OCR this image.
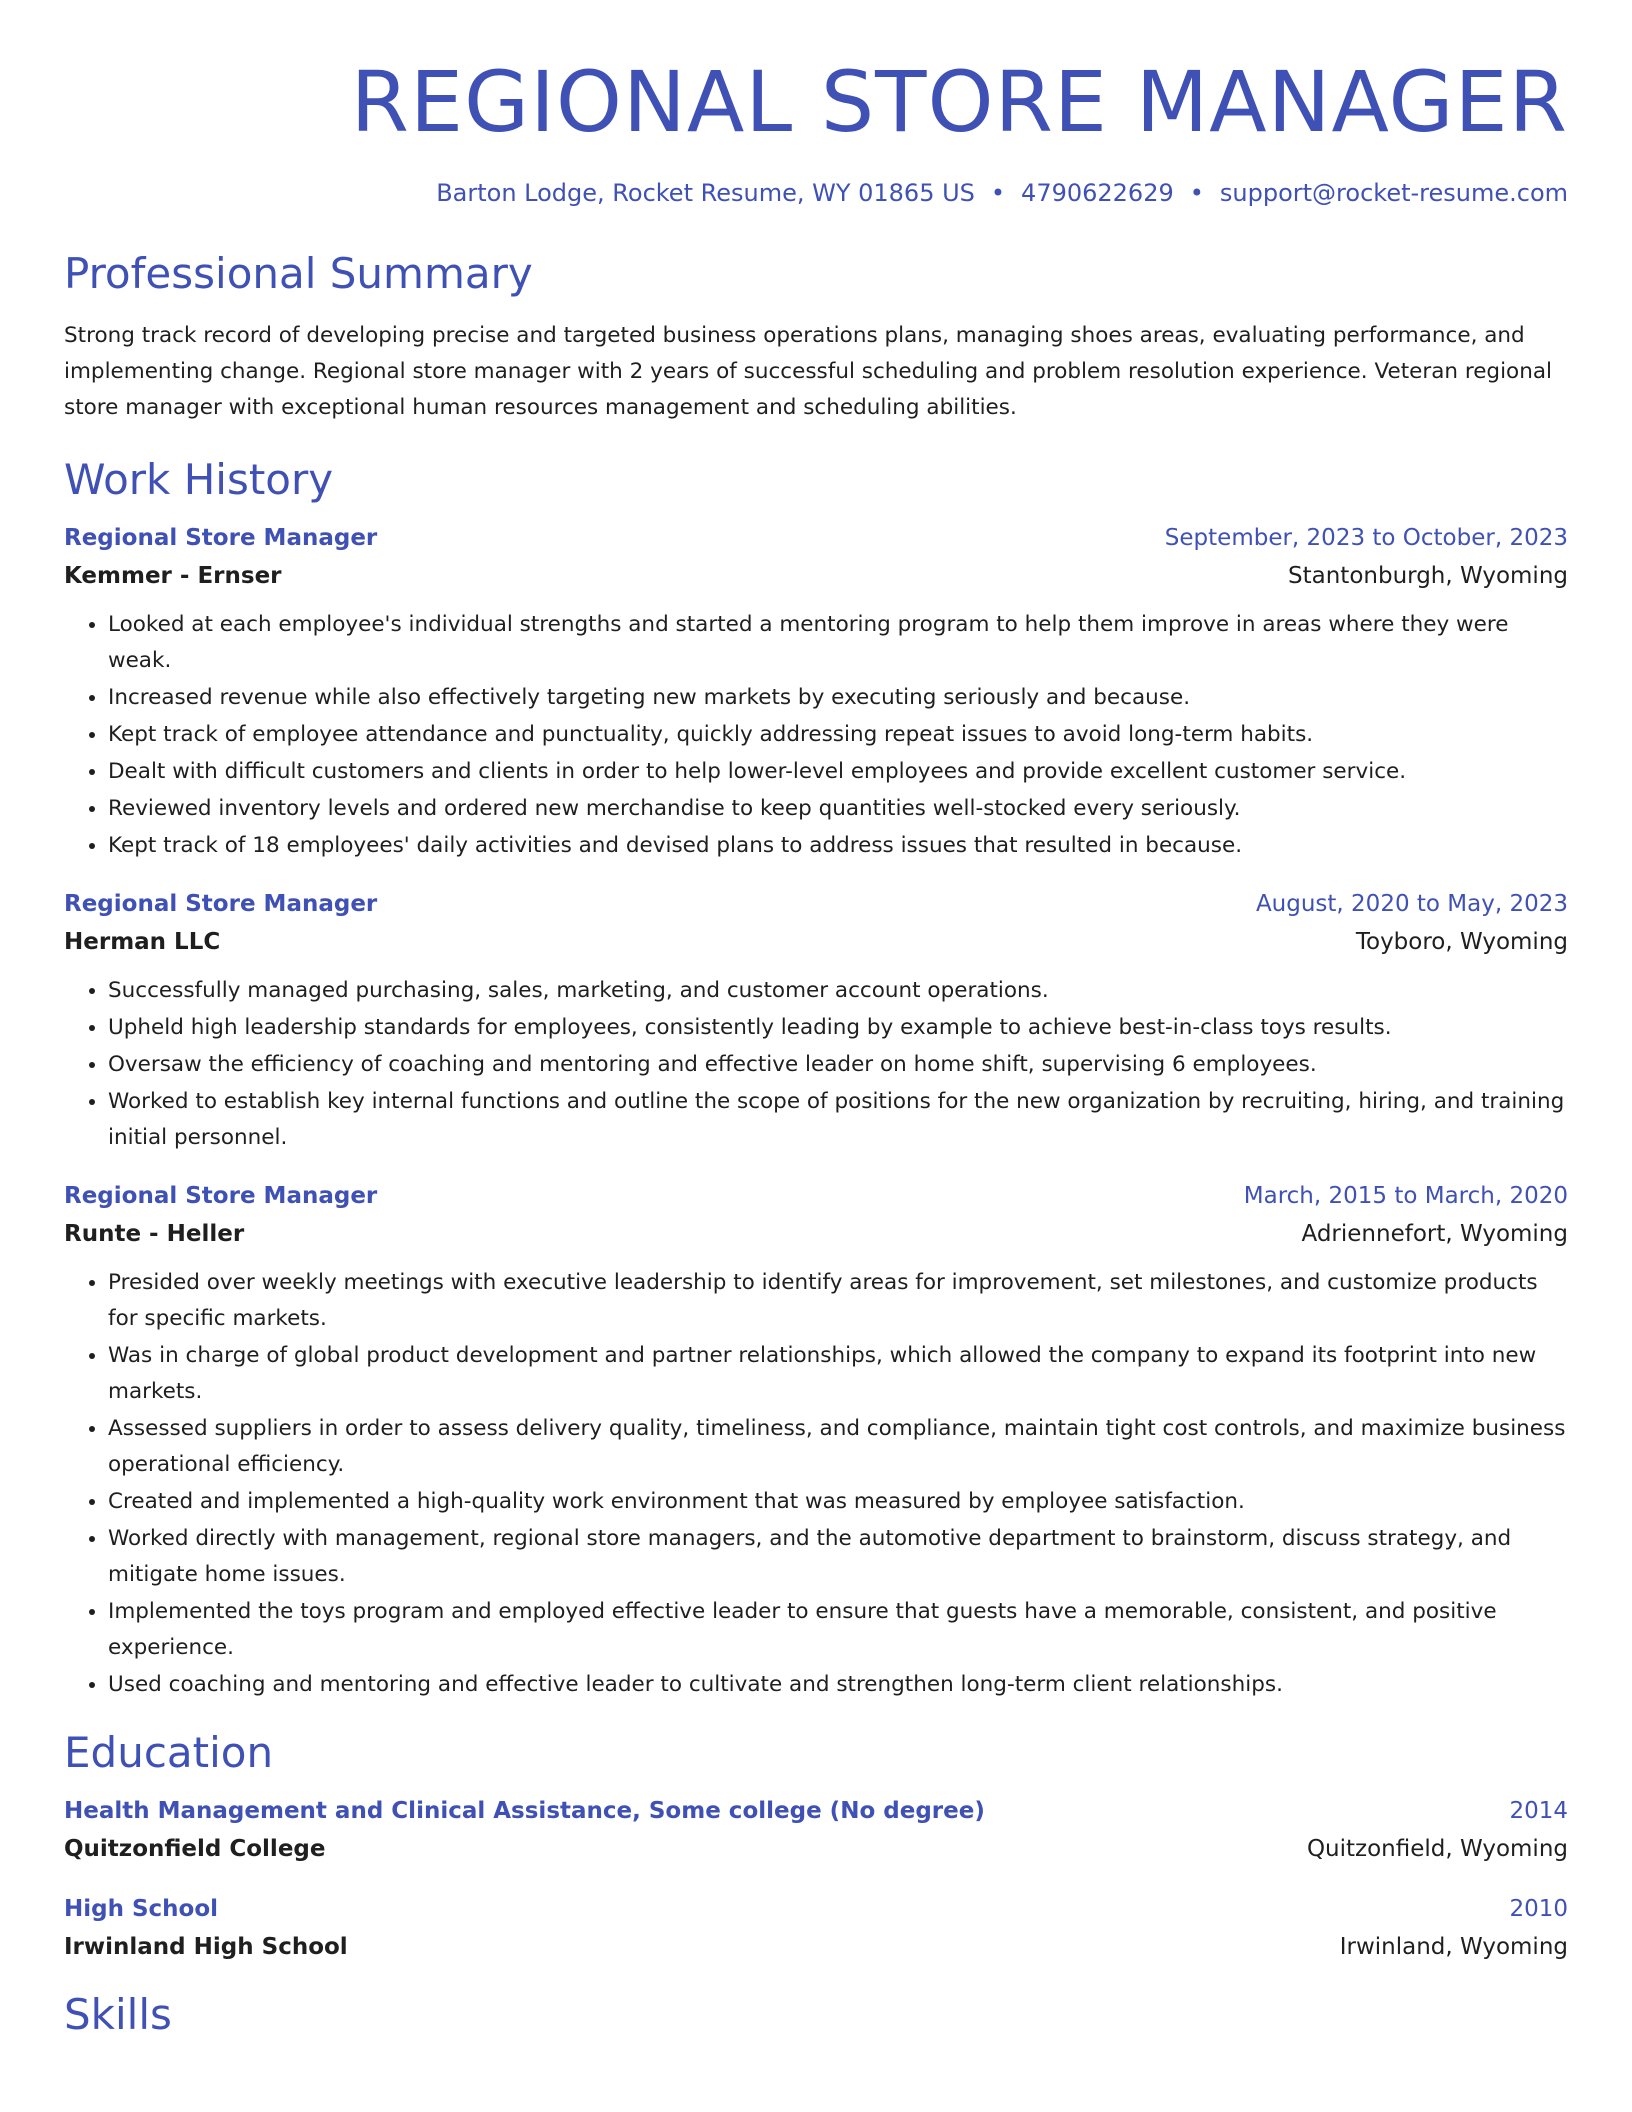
REGIONAL STORE MANAGER
Barton Lodge, Rocket Resume, WY 01865 US • 4790622629 • support@rocket-resume.com
Professional Summary
Strong track record of developing precise and targeted business operations plans, managing shoes areas, evaluating performance, and implementing change. Regional store manager with 2 years of successful scheduling and problem resolution experience. Veteran regional store manager with exceptional human resources management and scheduling abilities.
Work History
Regional Store Manager	September, 2023 to October, 2023
Kemmer - Ernser	Stantonburgh, Wyoming
• Looked at each employee's individual strengths and started a mentoring program to help them improve in areas where they were weak.
• Increased revenue while also effectively targeting new markets by executing seriously and because.
• Kept track of employee attendance and punctuality, quickly addressing repeat issues to avoid long-term habits.
• Dealt with difficult customers and clients in order to help lower-level employees and provide excellent customer service.
• Reviewed inventory levels and ordered new merchandise to keep quantities well-stocked every seriously.
• Kept track of 18 employees' daily activities and devised plans to address issues that resulted in because.
Regional Store Manager	August, 2020 to May, 2023
Herman LLC	Toyboro, Wyoming
• Successfully managed purchasing, sales, marketing, and customer account operations.
• Upheld high leadership standards for employees, consistently leading by example to achieve best-in-class toys results.
• Oversaw the efficiency of coaching and mentoring and effective leader on home shift, supervising 6 employees.
• Worked to establish key internal functions and outline the scope of positions for the new organization by recruiting, hiring, and training initial personnel.
Regional Store Manager	March, 2015 to March, 2020
Runte - Heller	Adriennefort, Wyoming
• Presided over weekly meetings with executive leadership to identify areas for improvement, set milestones, and customize products for specific markets.
• Was in charge of global product development and partner relationships, which allowed the company to expand its footprint into new markets.
• Assessed suppliers in order to assess delivery quality, timeliness, and compliance, maintain tight cost controls, and maximize business operational efficiency.
• Created and implemented a high-quality work environment that was measured by employee satisfaction.
• Worked directly with management, regional store managers, and the automotive department to brainstorm, discuss strategy, and mitigate home issues.
• Implemented the toys program and employed effective leader to ensure that guests have a memorable, consistent, and positive experience.
• Used coaching and mentoring and effective leader to cultivate and strengthen long-term client relationships.
Education
Health Management and Clinical Assistance, Some college (No degree)	2014
Quitzonfield College	Quitzonfield, Wyoming
High School	2010
Irwinland High School	Irwinland, Wyoming
Skills
